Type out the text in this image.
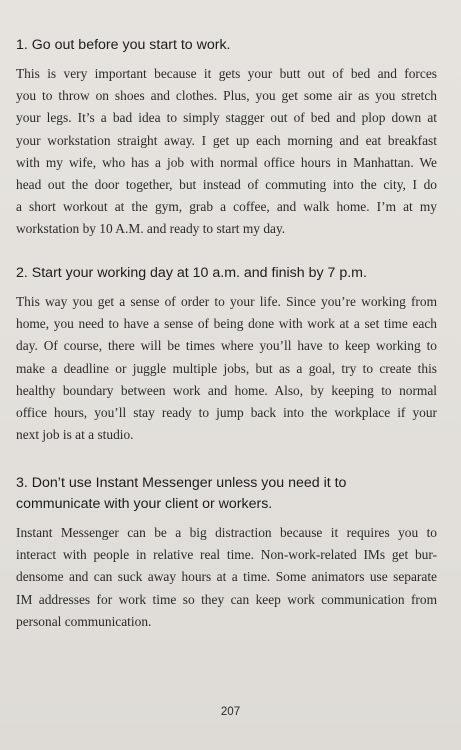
1. Go out before you start to work.

This is very important because it gets your butt out of bed and forces
you to throw on shoes and clothes. Plus, you get some air as you stretch
your legs. It’s a bad idea to simply stagger out of bed and plop down at
your workstation straight away. I get up each morning and eat breakfast
with my wife, who has a job with normal office hours in Manhattan. We
head out the door together, but instead of commuting into the city, I do
a short workout at the gym, grab a coffee, and walk home. I’m at my
workstation by 10 A.M. and ready to start my day.

2. Start your working day at 10 a.m. and finish by 7 p.m.

This way you get a sense of order to your life. Since you’re working from
home, you need to have a sense of being done with work at a set time each
day. Of course, there will be times where you’ll have to keep working to
make a deadline or juggle multiple jobs, but as a goal, try to create this
healthy boundary between work and home. Also, by keeping to normal
office hours, you’ll stay ready to jump back into the workplace if your
next job is at a studio.

3. Don’t use Instant Messenger unless you need it to
communicate with your client or workers.

Instant Messenger can be a big distraction because it requires you to
interact with people in relative real time. Non-work-related IMs get bur-
densome and can suck away hours at a time. Some animators use separate
IM addresses for work time so they can keep work communication from
personal communication.

207
